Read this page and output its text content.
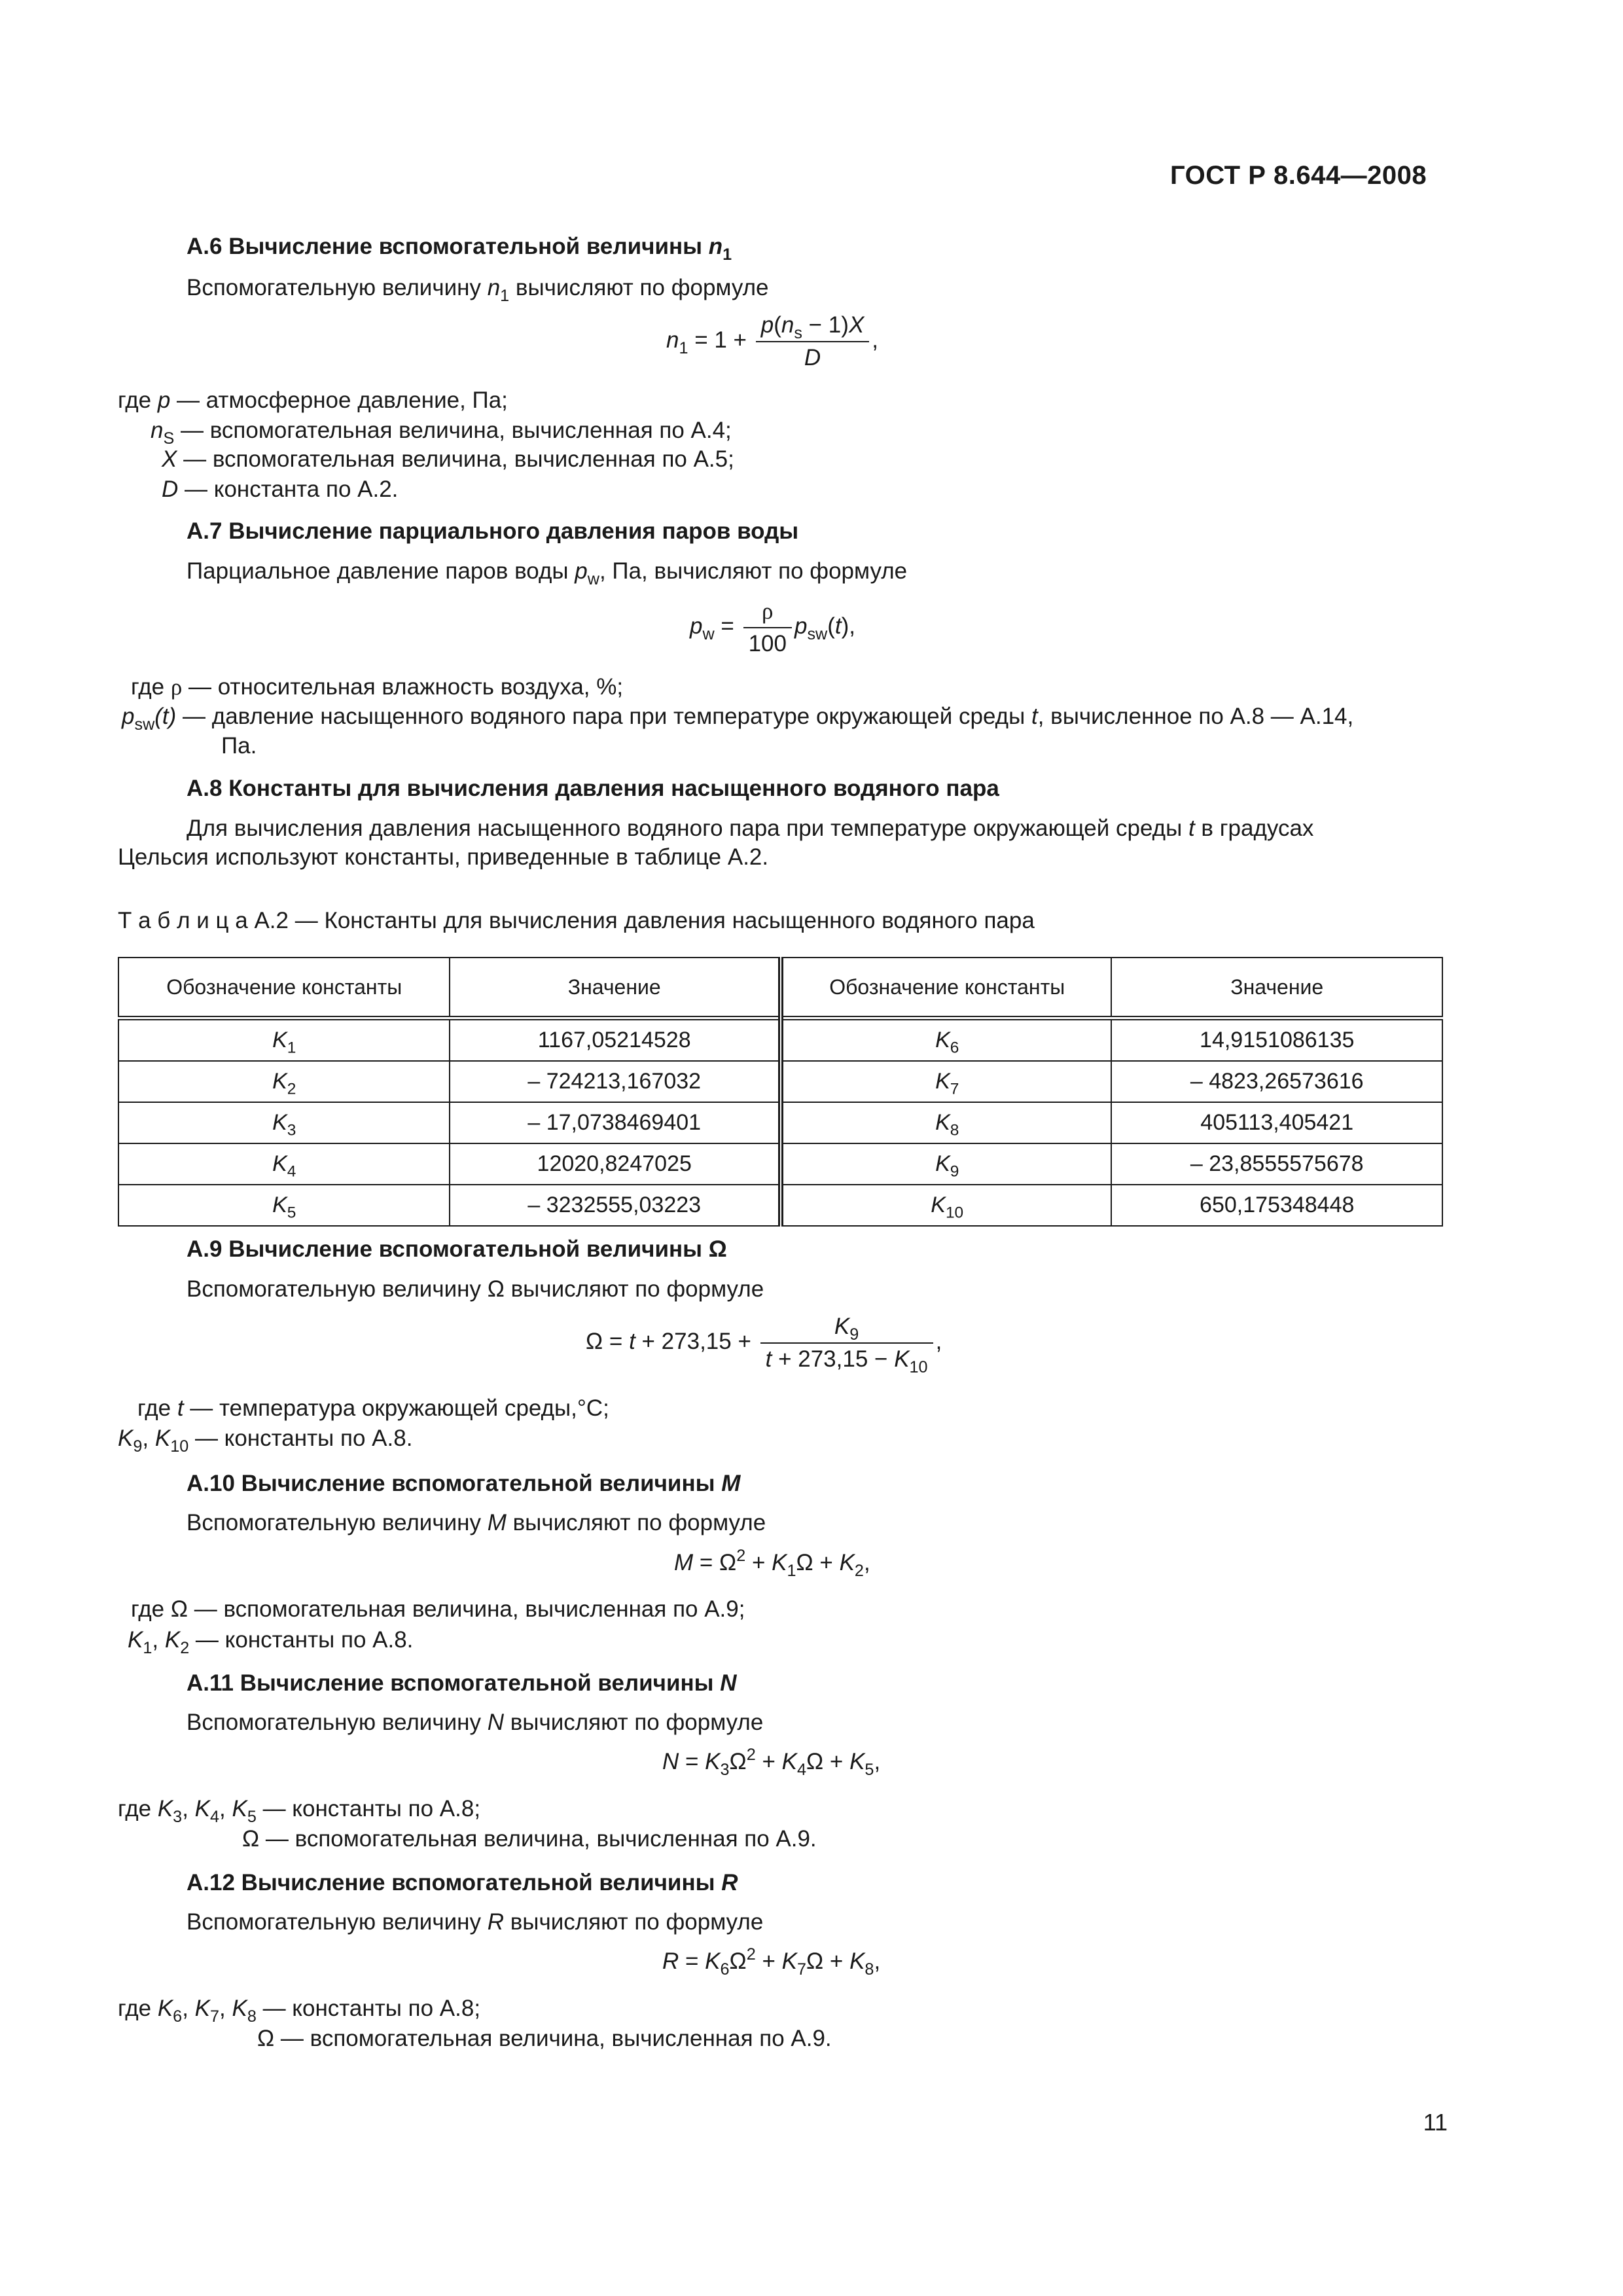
ГОСТ Р 8.644—2008
А.6 Вычисление вспомогательной величины $n_1$
Вспомогательную величину $n_1$ вычисляют по формуле
$n_1 = 1 + \frac{p(n_s - 1)X}{D}$ ,
где p — атмосферное давление, Па;
$n_S$ — вспомогательная величина, вычисленная по А.4;
X — вспомогательная величина, вычисленная по А.5;
D — константа по А.2.
А.7 Вычисление парциального давления паров воды
Парциальное давление паров воды $p_w$, Па, вычисляют по формуле
$p_w = \frac{\rho}{100} p_{sw}(t)$,
где ρ — относительная влажность воздуха, %;
$p_{sw}(t)$ — давление насыщенного водяного пара при температуре окружающей среды t, вычисленное по А.8 — А.14,
Па.
А.8 Константы для вычисления давления насыщенного водяного пара
Для вычисления давления насыщенного водяного пара при температуре окружающей среды t в градусах
Цельсия используют константы, приведенные в таблице А.2.
Т а б л и ц а А.2 — Константы для вычисления давления насыщенного водяного пара
Обозначение константы	Значение	Обозначение константы	Значение
$K_1$	1167,05214528	$K_6$	14,9151086135
$K_2$	– 724213,167032	$K_7$	– 4823,26573616
$K_3$	– 17,0738469401	$K_8$	405113,405421
$K_4$	12020,8247025	$K_9$	– 23,8555575678
$K_5$	– 3232555,03223	$K_{10}$	650,175348448
А.9 Вычисление вспомогательной величины Ω
Вспомогательную величину Ω вычисляют по формуле
$\Omega = t + 273,15 + \frac{K_9}{t + 273,15 - K_{10}}$ ,
где t — температура окружающей среды,°С;
$K_9$, $K_{10}$ — константы по А.8.
А.10 Вычисление вспомогательной величины M
Вспомогательную величину M вычисляют по формуле
$M = \Omega^2 + K_1\Omega + K_2$,
где Ω — вспомогательная величина, вычисленная по А.9;
$K_1$, $K_2$ — константы по А.8.
А.11 Вычисление вспомогательной величины N
Вспомогательную величину N вычисляют по формуле
$N = K_3\Omega^2 + K_4\Omega + K_5$,
где $K_3$, $K_4$, $K_5$ — константы по А.8;
Ω — вспомогательная величина, вычисленная по А.9.
А.12 Вычисление вспомогательной величины R
Вспомогательную величину R вычисляют по формуле
$R = K_6\Omega^2 + K_7\Omega + K_8$,
где $K_6$, $K_7$, $K_8$ — константы по А.8;
Ω — вспомогательная величина, вычисленная по А.9.
11
